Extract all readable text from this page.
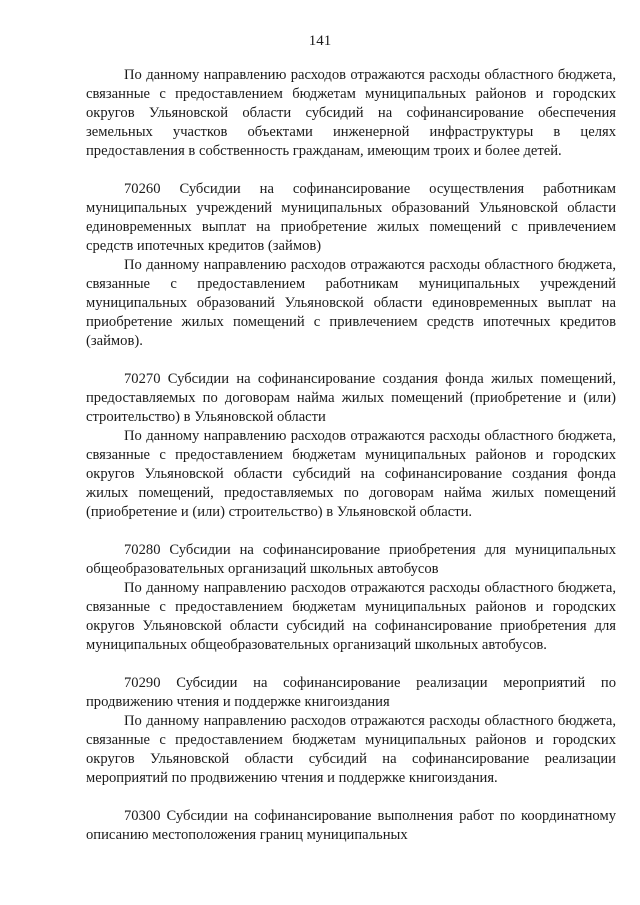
141

По данному направлению расходов отражаются расходы областного бюджета, связанные с предоставлением бюджетам муниципальных районов и городских округов Ульяновской области субсидий на софинансирование обеспечения земельных участков объектами инженерной инфраструктуры в целях предоставления в собственность гражданам, имеющим троих и более детей.

70260 Субсидии на софинансирование осуществления работникам муниципальных учреждений муниципальных образований Ульяновской области единовременных выплат на приобретение жилых помещений с привлечением средств ипотечных кредитов (займов)

По данному направлению расходов отражаются расходы областного бюджета, связанные с предоставлением работникам муниципальных учреждений муниципальных образований Ульяновской области единовременных выплат на приобретение жилых помещений с привлечением средств ипотечных кредитов (займов).

70270 Субсидии на софинансирование создания фонда жилых помещений, предоставляемых по договорам найма жилых помещений (приобретение и (или) строительство) в Ульяновской области

По данному направлению расходов отражаются расходы областного бюджета, связанные с предоставлением бюджетам муниципальных районов и городских округов Ульяновской области субсидий на софинансирование создания фонда жилых помещений, предоставляемых по договорам найма жилых помещений (приобретение и (или) строительство) в Ульяновской области.

70280 Субсидии на софинансирование приобретения для муниципальных общеобразовательных организаций школьных автобусов

По данному направлению расходов отражаются расходы областного бюджета, связанные с предоставлением бюджетам муниципальных районов и городских округов Ульяновской области субсидий на софинансирование приобретения для муниципальных общеобразовательных организаций школьных автобусов.

70290 Субсидии на софинансирование реализации мероприятий по продвижению чтения и поддержке книгоиздания

По данному направлению расходов отражаются расходы областного бюджета, связанные с предоставлением бюджетам муниципальных районов и городских округов Ульяновской области субсидий на софинансирование реализации мероприятий по продвижению чтения и поддержке книгоиздания.

70300 Субсидии на софинансирование выполнения работ по координатному описанию местоположения границ муниципальных
